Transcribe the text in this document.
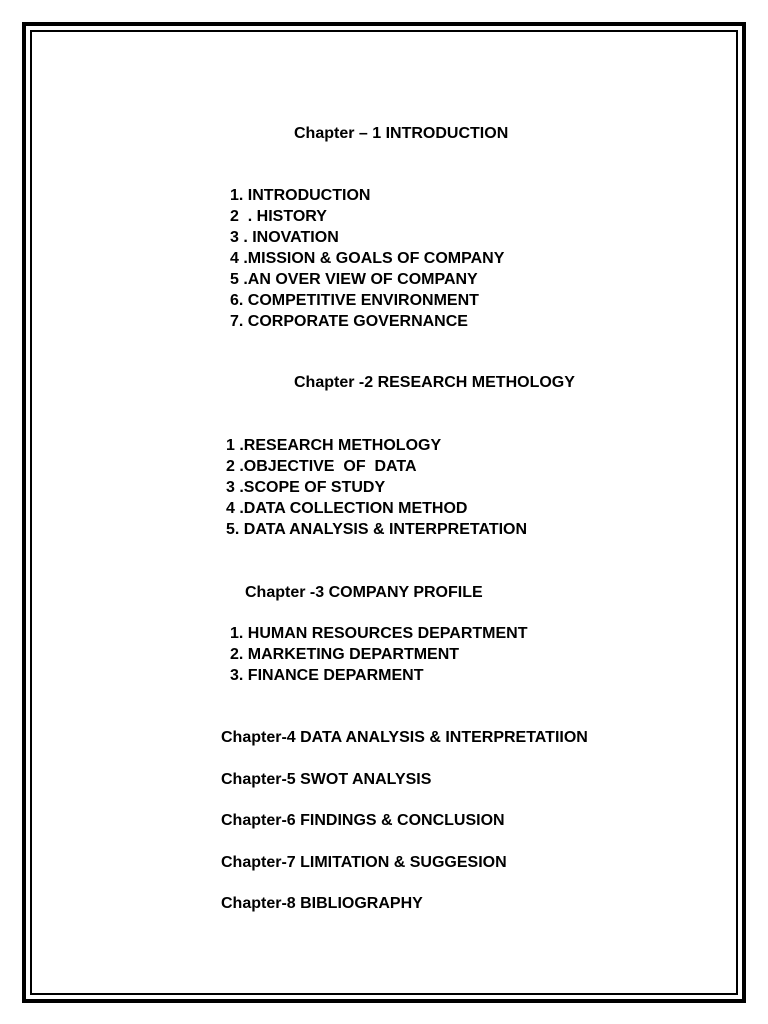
Chapter – 1 INTRODUCTION

1. INTRODUCTION
2  . HISTORY
3 . INOVATION
4 .MISSION & GOALS OF COMPANY
5 .AN OVER VIEW OF COMPANY
6. COMPETITIVE ENVIRONMENT
7. CORPORATE GOVERNANCE

Chapter -2 RESEARCH METHOLOGY

1 .RESEARCH METHOLOGY
2 .OBJECTIVE  OF  DATA
3 .SCOPE OF STUDY
4 .DATA COLLECTION METHOD
5. DATA ANALYSIS & INTERPRETATION

Chapter -3 COMPANY PROFILE

1. HUMAN RESOURCES DEPARTMENT
2. MARKETING DEPARTMENT
3. FINANCE DEPARMENT

Chapter-4 DATA ANALYSIS & INTERPRETATIION

Chapter-5 SWOT ANALYSIS

Chapter-6 FINDINGS & CONCLUSION

Chapter-7 LIMITATION & SUGGESION

Chapter-8 BIBLIOGRAPHY
